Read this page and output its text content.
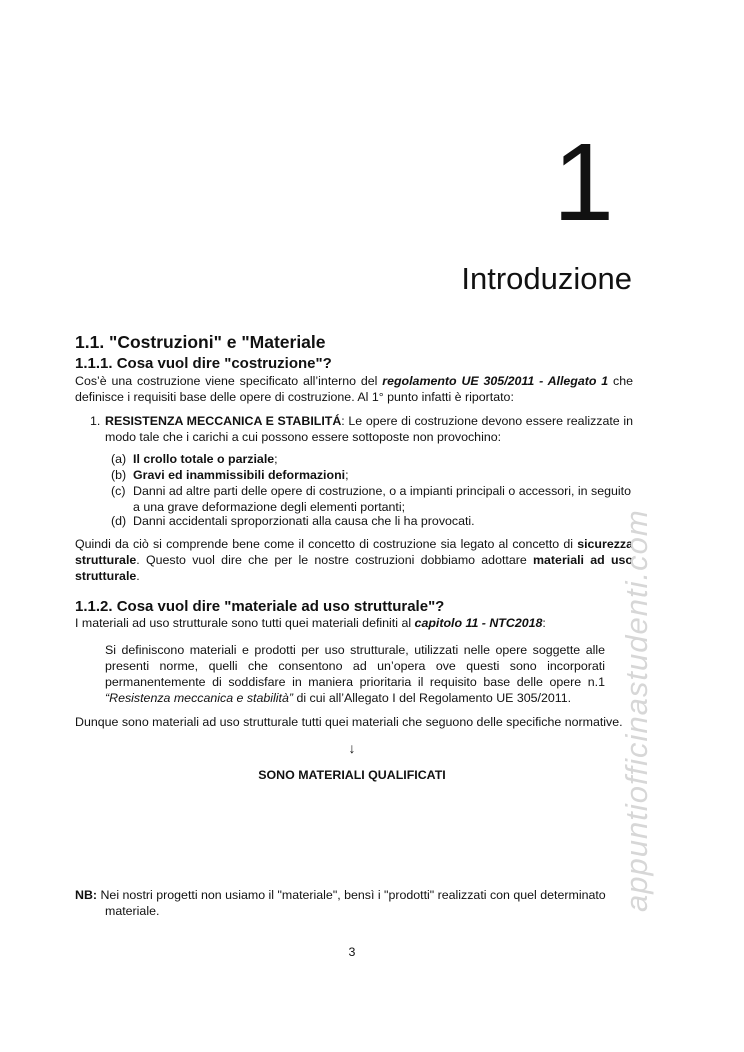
1
Introduzione
1.1. "Costruzioni" e "Materiale
1.1.1. Cosa vuol dire "costruzione"?
Cos’è una costruzione viene specificato all’interno del regolamento UE 305/2011 - Allegato 1 che definisce i requisiti base delle opere di costruzione. Al 1° punto infatti è riportato:
1. RESISTENZA MECCANICA E STABILITÁ: Le opere di costruzione devono essere realizzate in modo tale che i carichi a cui possono essere sottoposte non provochino:
(a) Il crollo totale o parziale;
(b) Gravi ed inammissibili deformazioni;
(c) Danni ad altre parti delle opere di costruzione, o a impianti principali o accessori, in seguito a una grave deformazione degli elementi portanti;
(d) Danni accidentali sproporzionati alla causa che li ha provocati.
Quindi da ciò si comprende bene come il concetto di costruzione sia legato al concetto di sicurezza strutturale. Questo vuol dire che per le nostre costruzioni dobbiamo adottare materiali ad uso strutturale.
1.1.2. Cosa vuol dire "materiale ad uso strutturale"?
I materiali ad uso strutturale sono tutti quei materiali definiti al capitolo 11 - NTC2018:
Si definiscono materiali e prodotti per uso strutturale, utilizzati nelle opere soggette alle presenti norme, quelli che consentono ad un’opera ove questi sono incorporati permanentemente di soddisfare in maniera prioritaria il requisito base delle opere n.1 “Resistenza meccanica e stabilità” di cui all’Allegato I del Regolamento UE 305/2011.
Dunque sono materiali ad uso strutturale tutti quei materiali che seguono delle specifiche normative.
↓
SONO MATERIALI QUALIFICATI

NB: Nei nostri progetti non usiamo il "materiale", bensì i "prodotti" realizzati con quel determinato materiale.

3
appuntiofficinastudenti.com
